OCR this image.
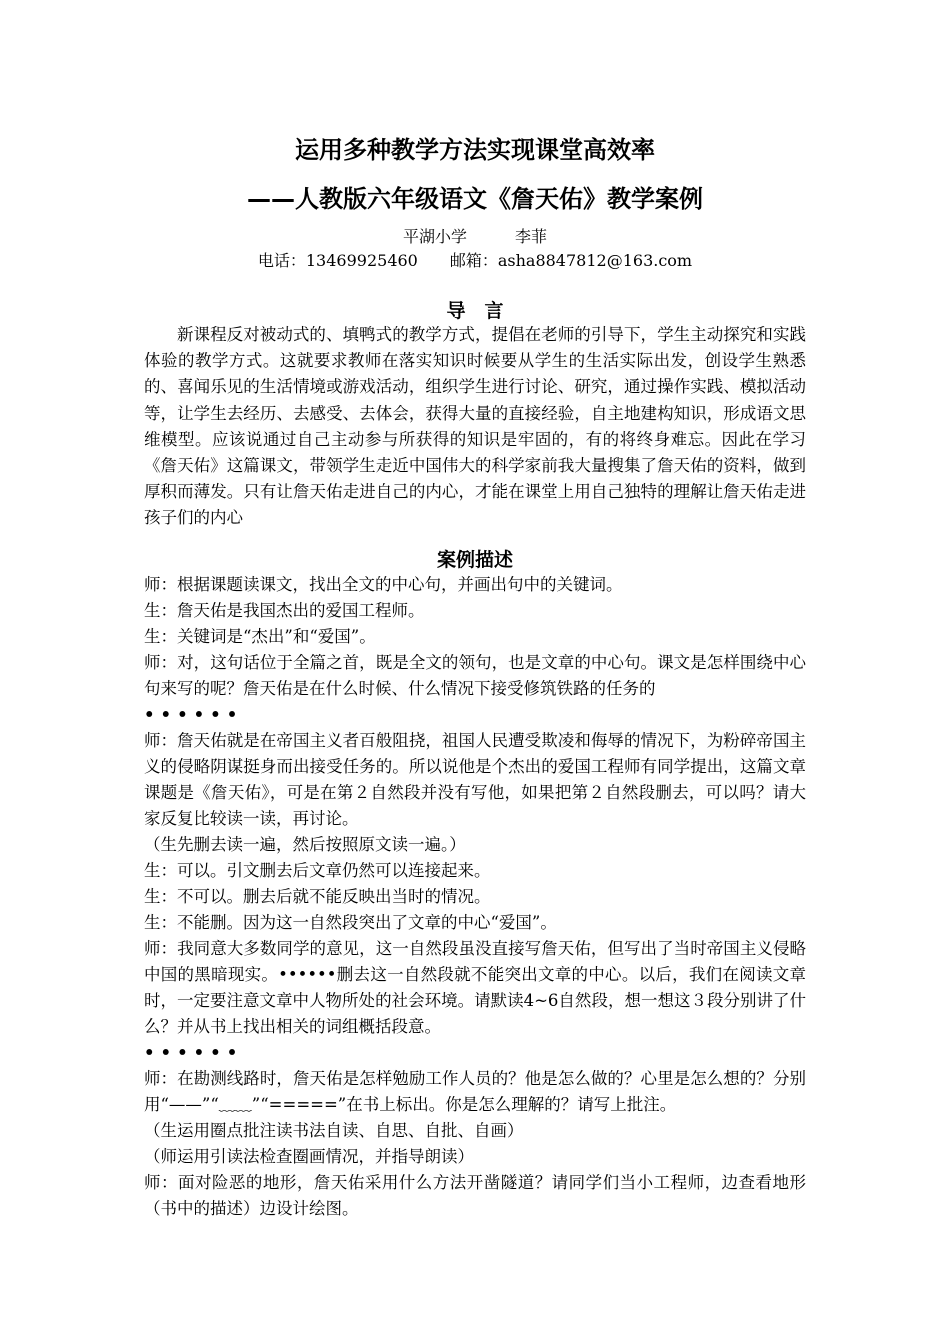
运用多种教学方法实现课堂高效率
——人教版六年级语文《詹天佑》教学案例
平湖小学　　　李菲
电话：13469925460　　邮箱：asha8847812@163.com
导　言

新课程反对被动式的、填鸭式的教学方式，提倡在老师的引导下，学生主动探究和实践体验的教学方式。这就要求教师在落实知识时候要从学生的生活实际出发，创设学生熟悉的、喜闻乐见的生活情境或游戏活动，组织学生进行讨论、研究，通过操作实践、模拟活动等，让学生去经历、去感受、去体会，获得大量的直接经验，自主地建构知识，形成语文思维模型。应该说通过自己主动参与所获得的知识是牢固的，有的将终身难忘。因此在学习《詹天佑》这篇课文，带领学生走近中国伟大的科学家前我大量搜集了詹天佑的资料，做到厚积而薄发。只有让詹天佑走进自己的内心，才能在课堂上用自己独特的理解让詹天佑走进孩子们的内心

案例描述

师：根据课题读课文，找出全文的中心句，并画出句中的关键词。

生：詹天佑是我国杰出的爱国工程师。

生：关键词是“杰出”和“爱国”。

师：对，这句话位于全篇之首，既是全文的领句，也是文章的中心句。课文是怎样围绕中心句来写的呢？詹天佑是在什么时候、什么情况下接受修筑铁路的任务的

••••••

师：詹天佑就是在帝国主义者百般阻挠，祖国人民遭受欺凌和侮辱的情况下，为粉碎帝国主义的侵略阴谋挺身而出接受任务的。所以说他是个杰出的爱国工程师有同学提出，这篇文章课题是《詹天佑》，可是在第２自然段并没有写他，如果把第２自然段删去，可以吗？请大家反复比较读一读，再讨论。

（生先删去读一遍，然后按照原文读一遍。）

生：可以。引文删去后文章仍然可以连接起来。

生：不可以。删去后就不能反映出当时的情况。

生：不能删。因为这一自然段突出了文章的中心“爱国”。

师：我同意大多数同学的意见，这一自然段虽没直接写詹天佑，但写出了当时帝国主义侵略中国的黑暗现实。••••••删去这一自然段就不能突出文章的中心。以后，我们在阅读文章时，一定要注意文章中人物所处的社会环境。请默读4~6自然段，想一想这３段分别讲了什么？并从书上找出相关的词组概括段意。

••••••

师：在勘测线路时，詹天佑是怎样勉励工作人员的？他是怎么做的？心里是怎么想的？分别用“——”“﹏﹏”“=====”在书上标出。你是怎么理解的？请写上批注。

（生运用圈点批注读书法自读、自思、自批、自画）

（师运用引读法检查圈画情况，并指导朗读）

师：面对险恶的地形，詹天佑采用什么方法开凿隧道？请同学们当小工程师，边查看地形（书中的描述）边设计绘图。
